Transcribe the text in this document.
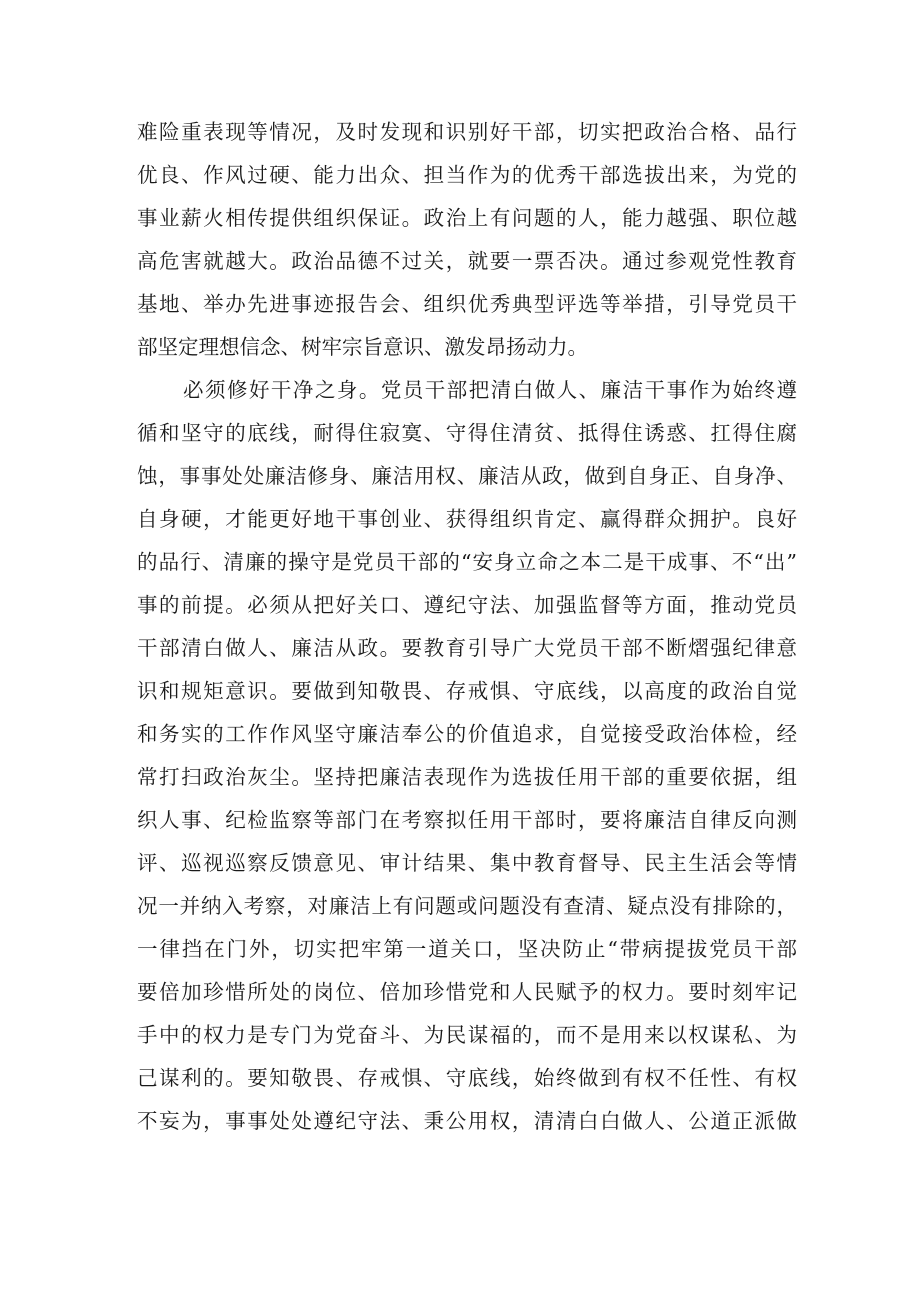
难险重表现等情况，及时发现和识别好干部，切实把政治合格、品行
优良、作风过硬、能力出众、担当作为的优秀干部选拔出来，为党的
事业薪火相传提供组织保证。政治上有问题的人，能力越强、职位越
高危害就越大。政治品德不过关，就要一票否决。通过参观党性教育
基地、举办先进事迹报告会、组织优秀典型评选等举措，引导党员干
部坚定理想信念、树牢宗旨意识、激发昂扬动力。
必须修好干净之身。党员干部把清白做人、廉洁干事作为始终遵
循和坚守的底线，耐得住寂寞、守得住清贫、抵得住诱惑、扛得住腐
蚀，事事处处廉洁修身、廉洁用权、廉洁从政，做到自身正、自身净、
自身硬，才能更好地干事创业、获得组织肯定、赢得群众拥护。良好
的品行、清廉的操守是党员干部的“安身立命之本二是干成事、不“出”
事的前提。必须从把好关口、遵纪守法、加强监督等方面，推动党员
干部清白做人、廉洁从政。要教育引导广大党员干部不断熠强纪律意
识和规矩意识。要做到知敬畏、存戒惧、守底线，以高度的政治自觉
和务实的工作作风坚守廉洁奉公的价值追求，自觉接受政治体检，经
常打扫政治灰尘。坚持把廉洁表现作为选拔任用干部的重要依据，组
织人事、纪检监察等部门在考察拟任用干部时，要将廉洁自律反向测
评、巡视巡察反馈意见、审计结果、集中教育督导、民主生活会等情
况一并纳入考察，对廉洁上有问题或问题没有查清、疑点没有排除的，
一律挡在门外，切实把牢第一道关口，坚决防止“带病提拔党员干部
要倍加珍惜所处的岗位、倍加珍惜党和人民赋予的权力。要时刻牢记
手中的权力是专门为党奋斗、为民谋福的，而不是用来以权谋私、为
己谋利的。要知敬畏、存戒惧、守底线，始终做到有权不任性、有权
不妄为，事事处处遵纪守法、秉公用权，清清白白做人、公道正派做
